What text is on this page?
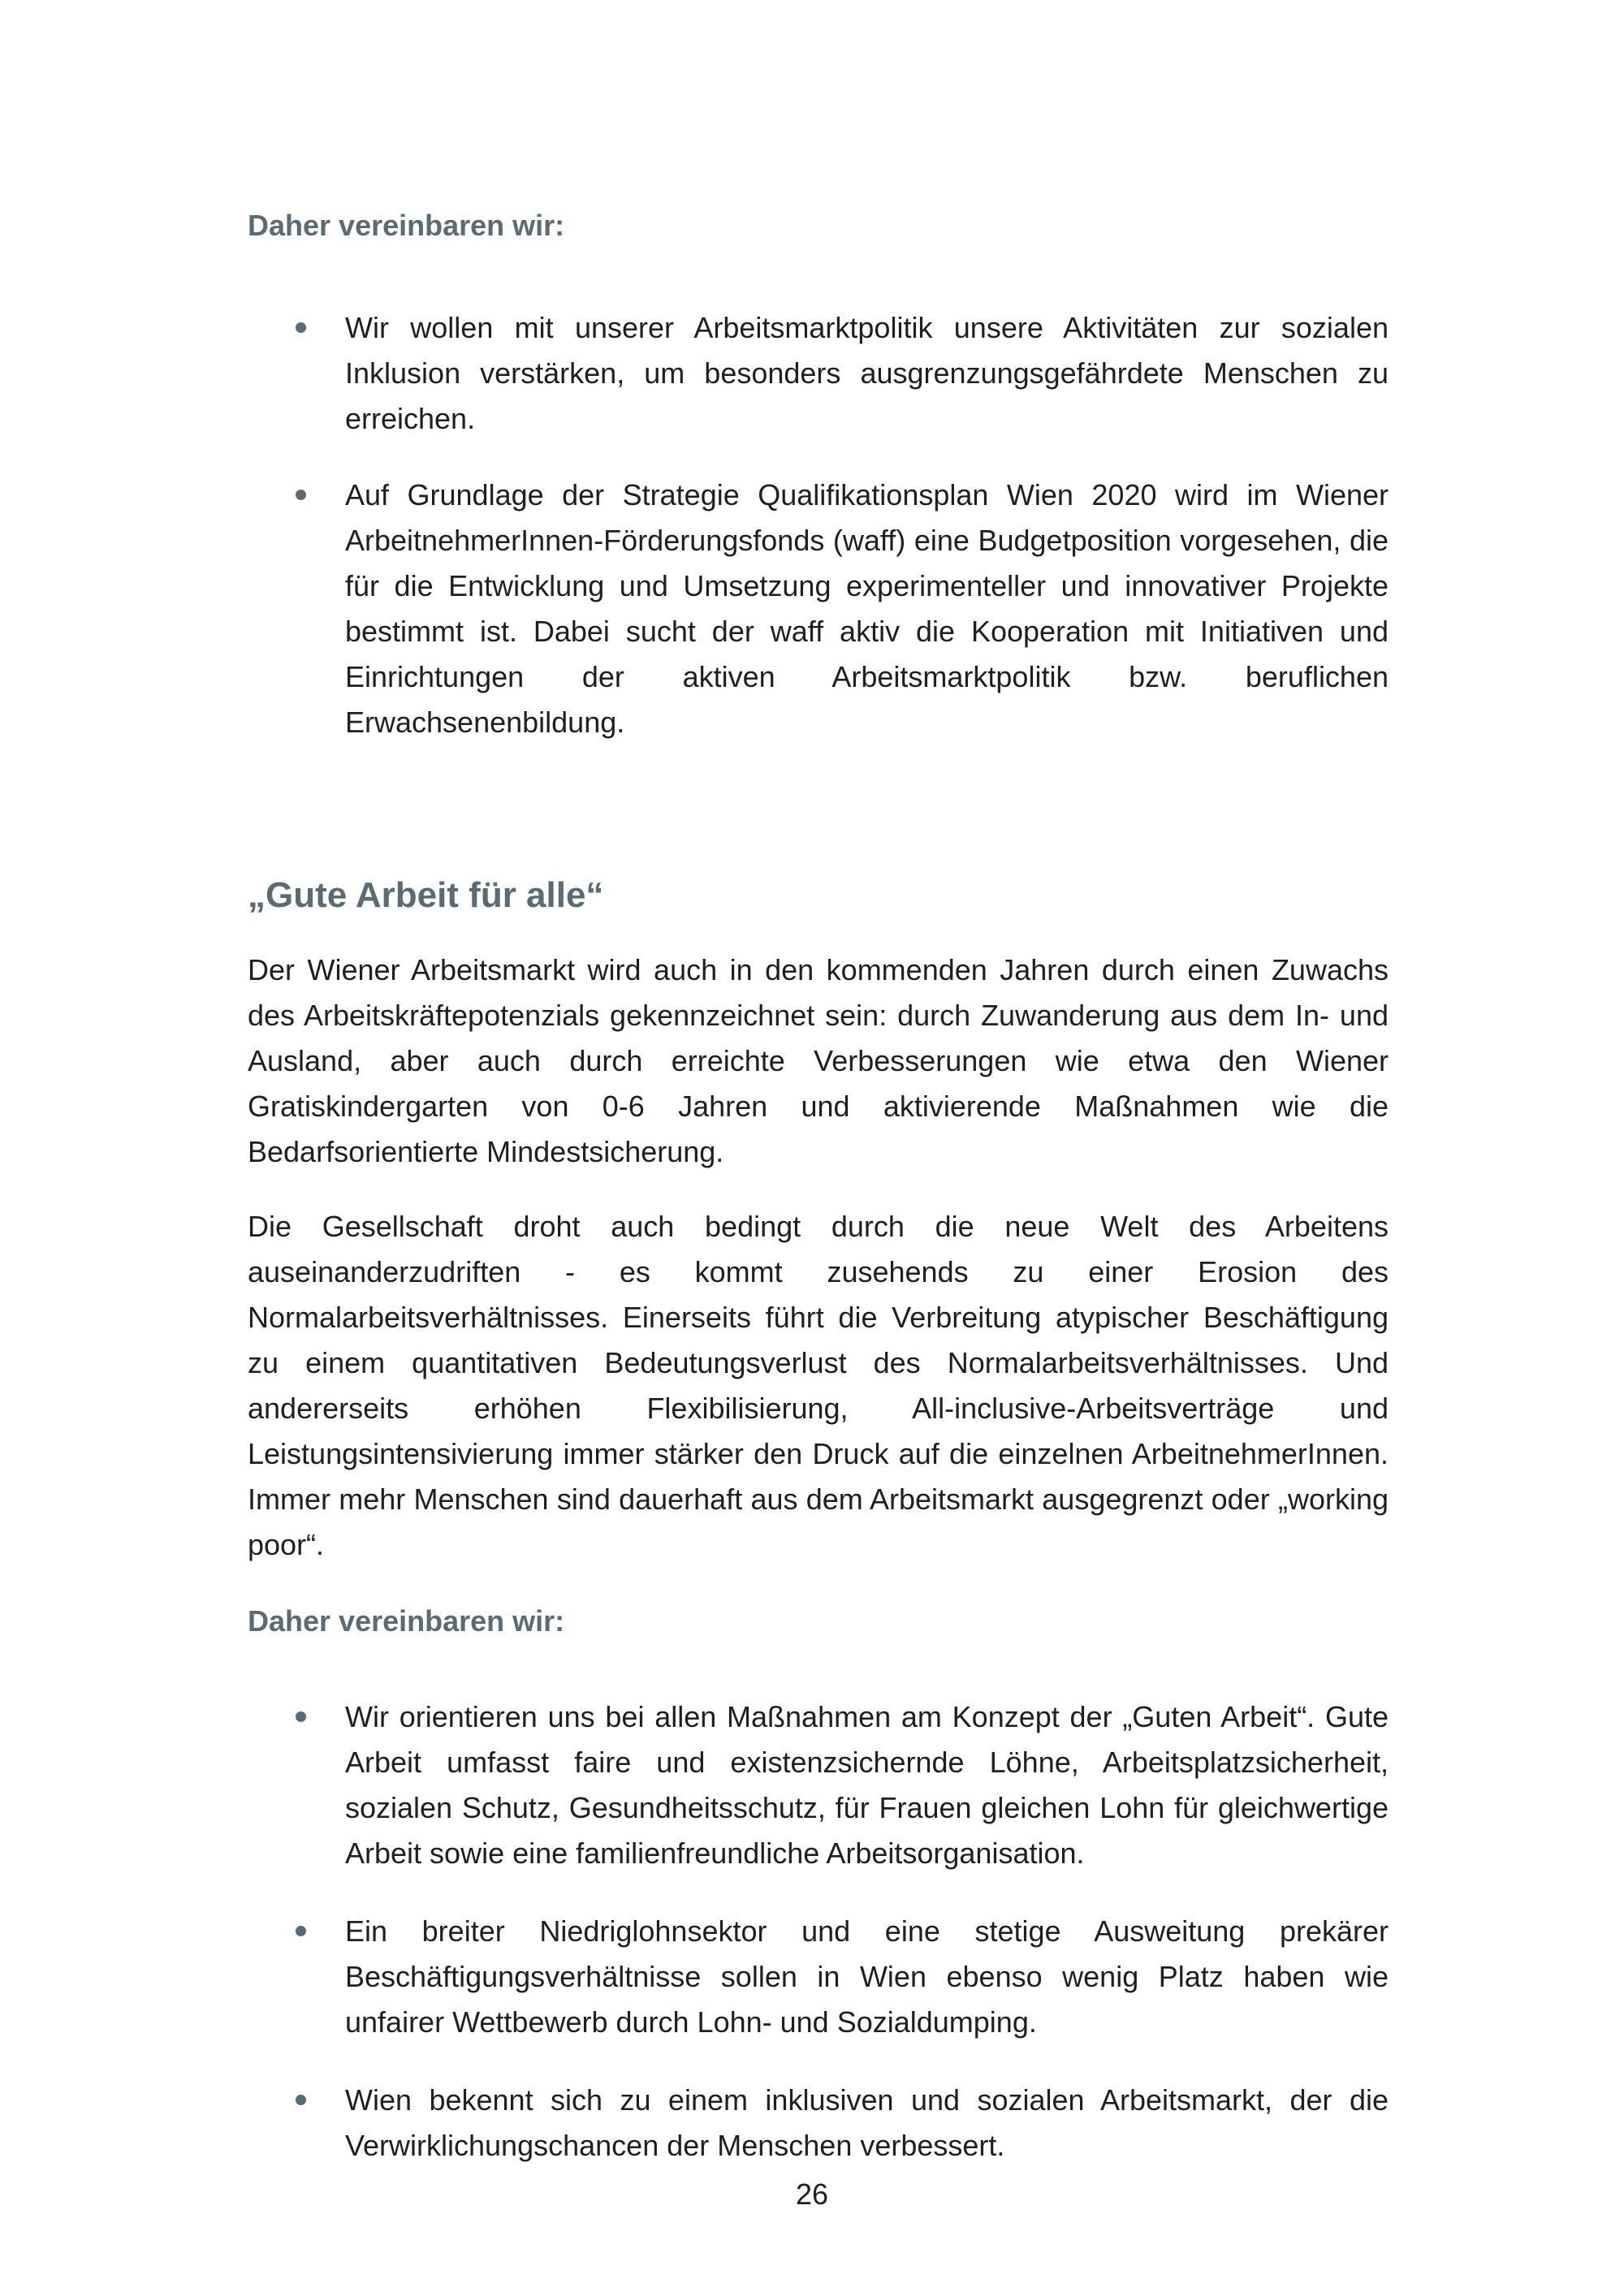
Daher vereinbaren wir:

Wir wollen mit unserer Arbeitsmarktpolitik unsere Aktivitäten zur sozialen Inklusion verstärken, um besonders ausgrenzungsgefährdete Menschen zu erreichen.
Auf Grundlage der Strategie Qualifikationsplan Wien 2020 wird im Wiener ArbeitnehmerInnen-Förderungsfonds (waff) eine Budgetposition vorgesehen, die für die Entwicklung und Umsetzung experimenteller und innovativer Projekte bestimmt ist. Dabei sucht der waff aktiv die Kooperation mit Initiativen und Einrichtungen der aktiven Arbeitsmarktpolitik bzw. beruflichen Erwachsenenbildung.
„Gute Arbeit für alle“

Der Wiener Arbeitsmarkt wird auch in den kommenden Jahren durch einen Zuwachs des Arbeitskräftepotenzials gekennzeichnet sein: durch Zuwanderung aus dem In- und Ausland, aber auch durch erreichte Verbesserungen wie etwa den Wiener Gratiskindergarten von 0-6 Jahren und aktivierende Maßnahmen wie die Bedarfsorientierte Mindestsicherung.

Die Gesellschaft droht auch bedingt durch die neue Welt des Arbeitens auseinanderzudriften - es kommt zusehends zu einer Erosion des Normalarbeitsverhältnisses. Einerseits führt die Verbreitung atypischer Beschäftigung zu einem quantitativen Bedeutungsverlust des Normalarbeitsverhältnisses. Und andererseits erhöhen Flexibilisierung, All-inclusive-Arbeitsverträge und Leistungsintensivierung immer stärker den Druck auf die einzelnen ArbeitnehmerInnen. Immer mehr Menschen sind dauerhaft aus dem Arbeitsmarkt ausgegrenzt oder „working poor“.

Daher vereinbaren wir:

Wir orientieren uns bei allen Maßnahmen am Konzept der „Guten Arbeit“. Gute Arbeit umfasst faire und existenzsichernde Löhne, Arbeitsplatzsicherheit, sozialen Schutz, Gesundheitsschutz, für Frauen gleichen Lohn für gleichwertige Arbeit sowie eine familienfreundliche Arbeitsorganisation.
Ein breiter Niedriglohnsektor und eine stetige Ausweitung prekärer Beschäftigungsverhältnisse sollen in Wien ebenso wenig Platz haben wie unfairer Wettbewerb durch Lohn- und Sozialdumping.
Wien bekennt sich zu einem inklusiven und sozialen Arbeitsmarkt, der die Verwirklichungschancen der Menschen verbessert.
26
